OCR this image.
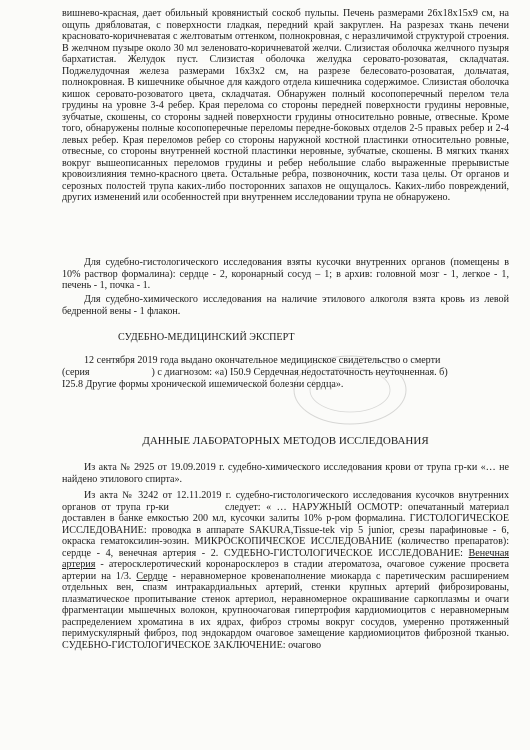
вишнево-красная, дает обильный кровянистый соскоб пульпы. Печень размерами 26х18х15х9 см, на ощупь дрябловатая, с поверхности гладкая, передний край закруглен. На разрезах ткань печени красновато-коричневатая с желтоватым оттенком, полнокровная, с неразличимой структурой строения. В желчном пузыре около 30 мл зеленовато-коричневатой желчи. Слизистая оболочка желчного пузыря бархатистая. Желудок пуст. Слизистая оболочка желудка серовато-розоватая, складчатая. Поджелудочная железа размерами 16х3х2 см, на разрезе белесовато-розоватая, дольчатая, полнокровная. В кишечнике обычное для каждого отдела кишечника содержимое. Слизистая оболочка кишок серовато-розоватого цвета, складчатая. Обнаружен полный косопоперечный перелом тела грудины на уровне 3-4 ребер. Края перелома со стороны передней поверхности грудины неровные, зубчатые, скошены, со стороны задней поверхности грудины относительно ровные, отвесные. Кроме того, обнаружены полные косопоперечные переломы передне-боковых отделов 2-5 правых ребер и 2-4 левых ребер. Края переломов ребер со стороны наружной костной пластинки относительно ровные, отвесные, со стороны внутренней костной пластинки неровные, зубчатые, скошены. В мягких тканях вокруг вышеописанных переломов грудины и ребер небольшие слабо выраженные прерывистые кровоизлияния темно-красного цвета. Остальные ребра, позвоночник, кости таза целы. От органов и серозных полостей трупа каких-либо посторонних запахов не ощущалось. Каких-либо повреждений, других изменений или особенностей при внутреннем исследовании трупа не обнаружено.
Для судебно-гистологического исследования взяты кусочки внутренних органов (помещены в 10% раствор формалина): сердце - 2, коронарный сосуд – 1; в архив: головной мозг - 1, легкое - 1, печень - 1, почка - 1.
Для судебно-химического исследования на наличие этилового алкоголя взята кровь из левой бедренной вены - 1 флакон.
СУДЕБНО-МЕДИЦИНСКИЙ ЭКСПЕРТ
12 сентября 2019 года выдано окончательное медицинское свидетельство о смерти
(серия	) с диагнозом: «а) I50.9 Сердечная недостаточность неуточненная. б)
I25.8 Другие формы хронической ишемической болезни сердца».
ДАННЫЕ ЛАБОРАТОРНЫХ МЕТОДОВ ИССЛЕДОВАНИЯ
Из акта № 2925 от 19.09.2019 г. судебно-химического исследования крови от трупа гр-ки «… не найдено этилового спирта».
Из акта № 3242 от 12.11.2019 г. судебно-гистологического исследования кусочков внутренних органов от трупа гр-ки	следует: « … НАРУЖНЫЙ ОСМОТР: опечатанный материал доставлен в банке емкостью 200 мл, кусочки залиты 10% р-ром формалина. ГИСТОЛОГИЧЕСКОЕ ИССЛЕДОВАНИЕ: проводка в аппарате SAKURA,Tissue-tek vip 5 junior, срезы парафиновые - 6, окраска гематоксилин-эозин. МИКРОСКОПИЧЕСКОЕ ИССЛЕДОВАНИЕ (количество препаратов): сердце - 4, венечная артерия - 2. СУДЕБНО-ГИСТОЛОГИЧЕСКОЕ ИССЛЕДОВАНИЕ: Венечная артерия - атеросклеротический коронаросклероз в стадии атероматоза, очаговое сужение просвета артерии на 1/3. Сердце - неравномерное кровенаполнение миокарда с паретическим расширением отдельных вен, спазм интракардиальных артерий, стенки крупных артерий фиброзированы, плазматическое пропитывание стенок артериол, неравномерное окрашивание саркоплазмы и очаги фрагментации мышечных волокон, крупноочаговая гипертрофия кардиомиоцитов с неравномерным распределением хроматина в их ядрах, фиброз стромы вокруг сосудов, умеренно протяженный перимускулярный фиброз, под эндокардом очаговое замещение кардиомиоцитов фиброзной тканью. СУДЕБНО-ГИСТОЛОГИЧЕСКОЕ ЗАКЛЮЧЕНИЕ: очагово
